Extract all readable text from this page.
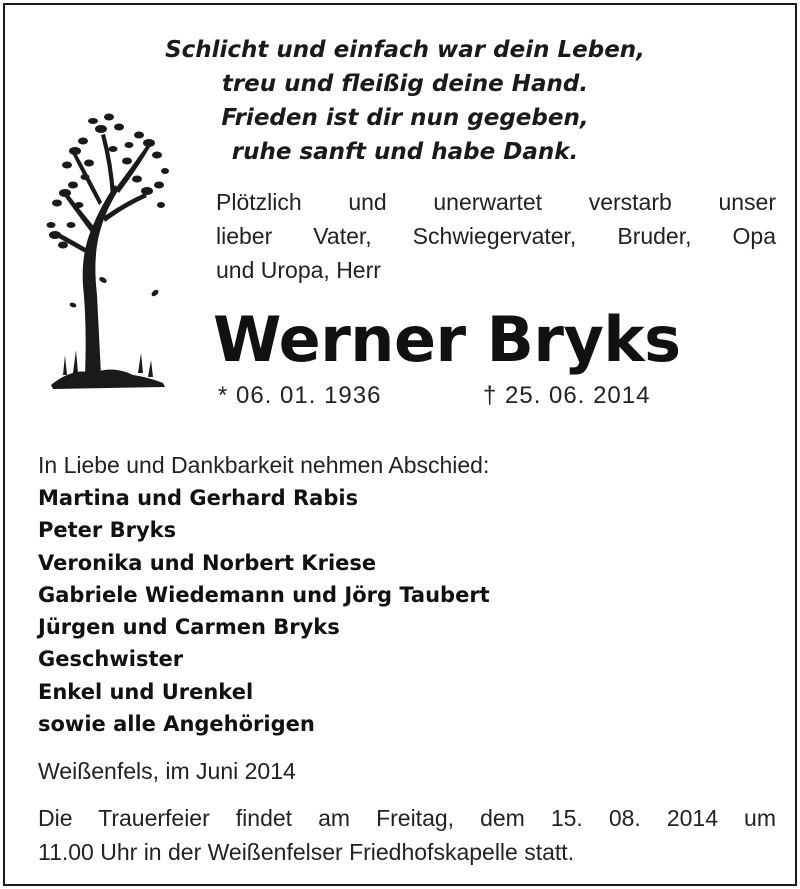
Schlicht und einfach war dein Leben,
treu und fleißig deine Hand.
Frieden ist dir nun gegeben,
ruhe sanft und habe Dank.
Plötzlich und unerwartet verstarb unser
lieber Vater, Schwiegervater, Bruder, Opa
und Uropa, Herr
Werner Bryks
* 06. 01. 1936	† 25. 06. 2014
In Liebe und Dankbarkeit nehmen Abschied:
Martina und Gerhard Rabis
Peter Bryks
Veronika und Norbert Kriese
Gabriele Wiedemann und Jörg Taubert
Jürgen und Carmen Bryks
Geschwister
Enkel und Urenkel
sowie alle Angehörigen
Weißenfels, im Juni 2014
Die Trauerfeier findet am Freitag, dem 15. 08. 2014 um
11.00 Uhr in der Weißenfelser Friedhofskapelle statt.
